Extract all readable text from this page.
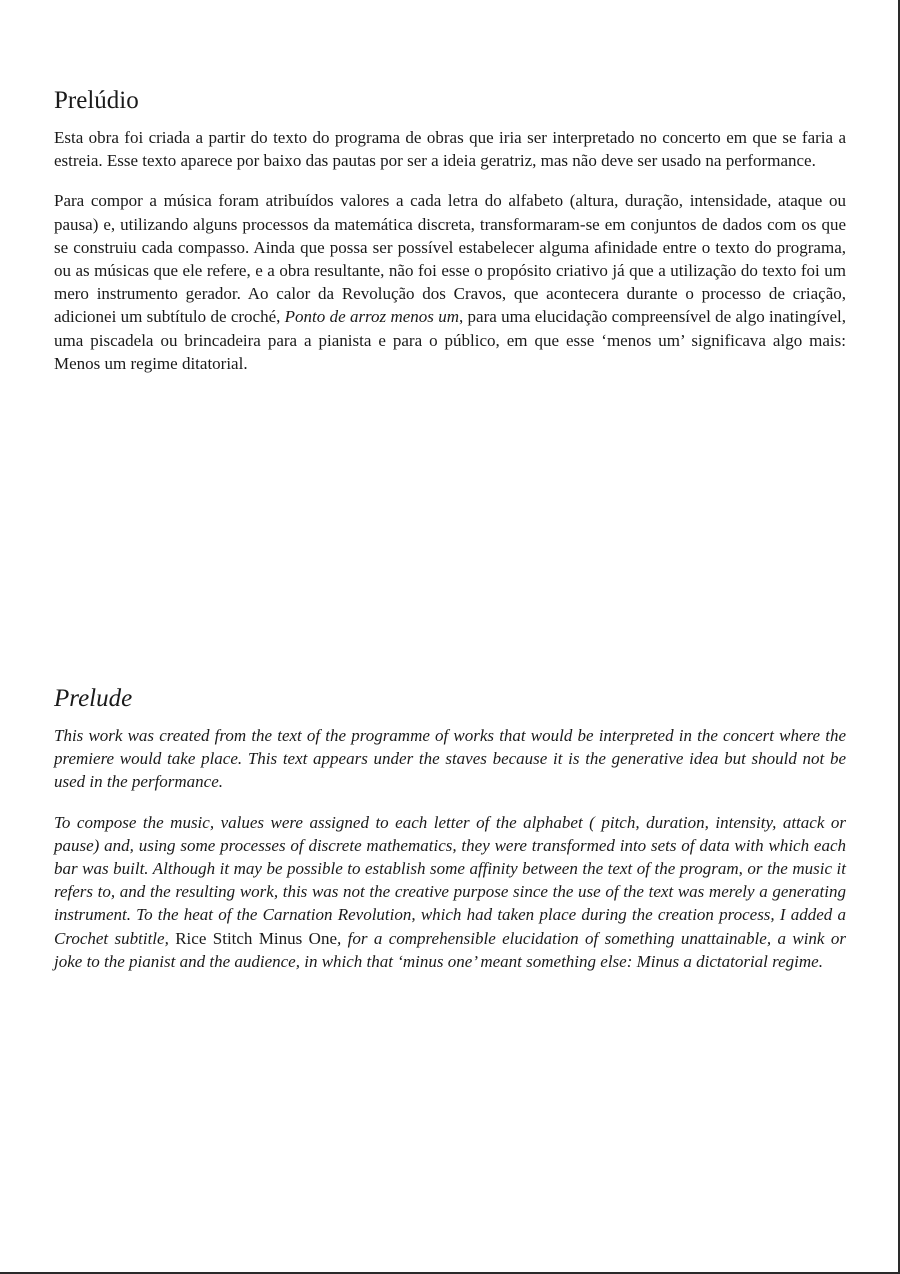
Prelúdio

Esta obra foi criada a partir do texto do programa de obras que iria ser interpretado no concerto em que se faria a estreia. Esse texto aparece por baixo das pautas por ser a ideia geratriz, mas não deve ser usado na performance.

Para compor a música foram atribuídos valores a cada letra do alfabeto (altura, duração, intensidade, ataque ou pausa) e, utilizando alguns processos da matemática discreta, transformaram-se em conjuntos de dados com os que se construiu cada compasso. Ainda que possa ser possível estabelecer alguma afinidade entre o texto do programa, ou as músicas que ele refere, e a obra resultante, não foi esse o propósito criativo já que a utilização do texto foi um mero instrumento gerador. Ao calor da Revolução dos Cravos, que acontecera durante o processo de criação, adicionei um subtítulo de croché, Ponto de arroz menos um, para uma elucidação compreensível de algo inatingível, uma piscadela ou brincadeira para a pianista e para o público, em que esse ‘menos um’ significava algo mais: Menos um regime ditatorial.

Prelude

This work was created from the text of the programme of works that would be interpreted in the concert where the premiere would take place. This text appears under the staves because it is the generative idea but should not be used in the performance.

To compose the music, values were assigned to each letter of the alphabet ( pitch, duration, intensity, attack or pause) and, using some processes of discrete mathematics, they were transformed into sets of data with which each bar was built. Although it may be possible to establish some affinity between the text of the program, or the music it refers to, and the resulting work, this was not the creative purpose since the use of the text was merely a generating instrument. To the heat of the Carnation Revolution, which had taken place during the creation process, I added a Crochet subtitle, Rice Stitch Minus One, for a comprehensible elucidation of something unattainable, a wink or joke to the pianist and the audience, in which that ‘minus one’ meant something else: Minus a dictatorial regime.
